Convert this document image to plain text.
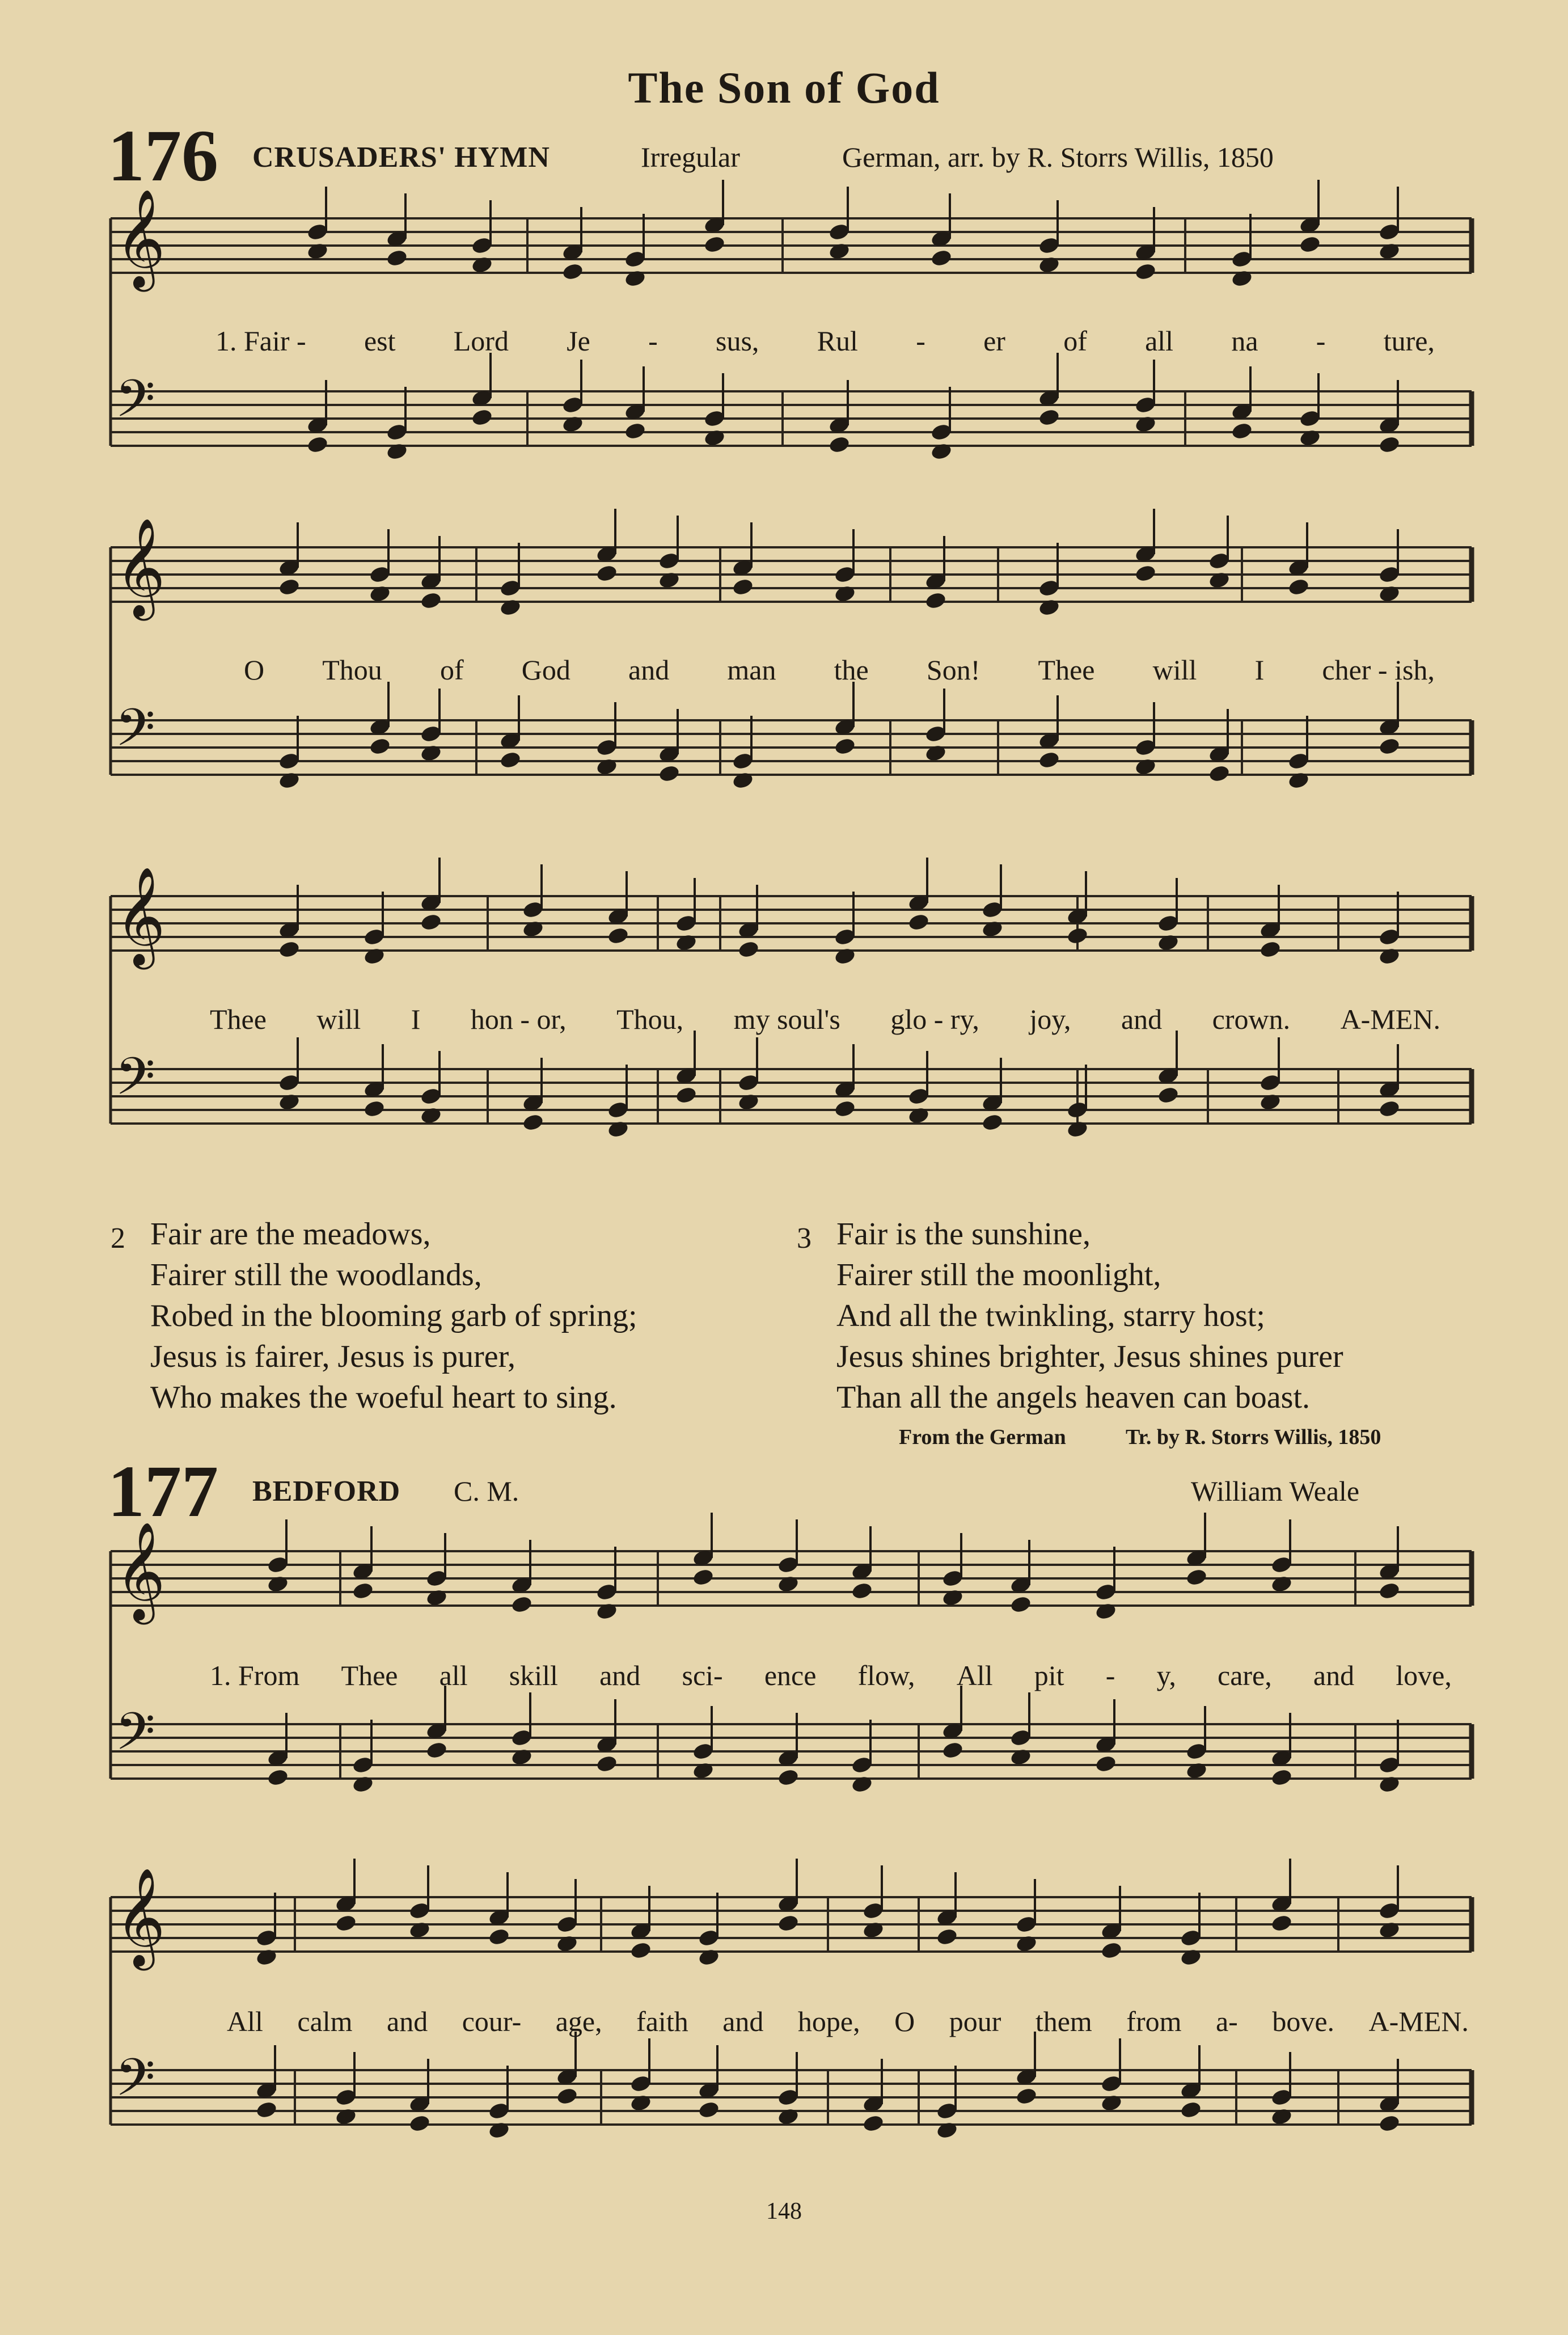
The Son of God
176 CRUSADERS' HYMN	Irregular	German, arr. by R. Storrs Willis, 1850
𝄞
𝄢
𝄞
𝄢
𝄞
𝄢
𝄞
𝄢
𝄞
𝄢
1. Fair - est Lord Je - sus, Rul - er of all na - ture,
O Thou of God and man the Son! Thee will I cher - ish,
Thee will I hon - or, Thou, my soul's glo - ry, joy, and crown. A-MEN.
2 Fair are the meadows,
Fairer still the woodlands,
Robed in the blooming garb of spring;
Jesus is fairer, Jesus is purer,
Who makes the woeful heart to sing.
3 Fair is the sunshine,
Fairer still the moonlight,
And all the twinkling, starry host;
Jesus shines brighter, Jesus shines purer
Than all the angels heaven can boast.
From the German	Tr. by R. Storrs Willis, 1850
177 BEDFORD C. M.	William Weale
1. From Thee all skill and sci- ence flow, All pit - y, care, and love,
All calm and cour- age, faith and hope, O pour them from a- bove. A-MEN.
148
